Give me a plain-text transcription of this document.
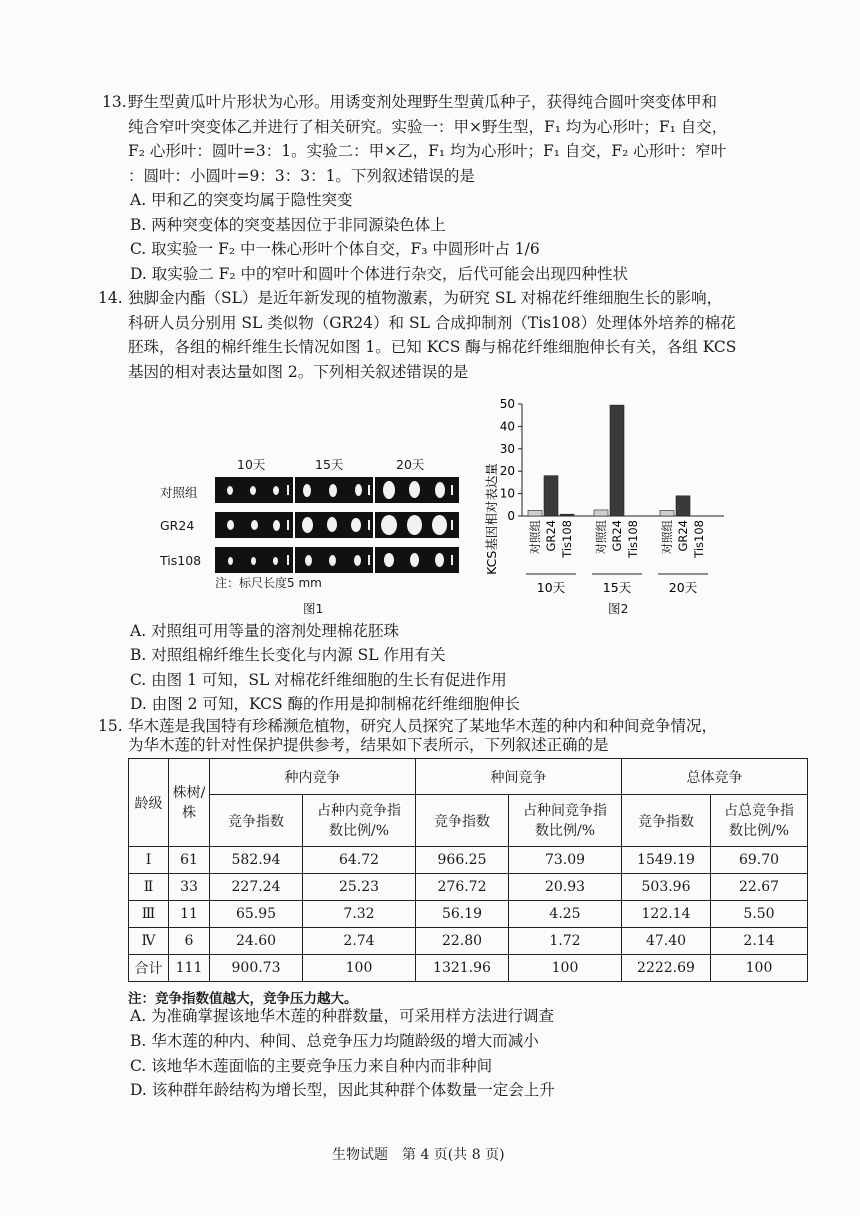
13. 野生型黄瓜叶片形状为心形。用诱变剂处理野生型黄瓜种子，获得纯合圆叶突变体甲和
纯合窄叶突变体乙并进行了相关研究。实验一：甲×野生型，F₁ 均为心形叶；F₁ 自交，
F₂ 心形叶：圆叶=3：1。实验二：甲×乙，F₁ 均为心形叶；F₁ 自交，F₂ 心形叶：窄叶
：圆叶：小圆叶=9：3：3：1。下列叙述错误的是
A. 甲和乙的突变均属于隐性突变
B. 两种突变体的突变基因位于非同源染色体上
C. 取实验一 F₂ 中一株心形叶个体自交，F₃ 中圆形叶占 1/6
D. 取实验二 F₂ 中的窄叶和圆叶个体进行杂交，后代可能会出现四种性状
14. 独脚金内酯（SL）是近年新发现的植物激素，为研究 SL 对棉花纤维细胞生长的影响，
科研人员分别用 SL 类似物（GR24）和 SL 合成抑制剂（Tis108）处理体外培养的棉花
胚珠，各组的棉纤维生长情况如图 1。已知 KCS 酶与棉花纤维细胞伸长有关，各组 KCS
基因的相对表达量如图 2。下列相关叙述错误的是
10天	15天	20天
对照组
GR24
Tis108
注：标尺长度5 mm
图1
KCS基因相对表达量 0
10
20
30
40
50
对照组 GR24 Tis108
10天
对照组 GR24 Tis108
15天
对照组 GR24 Tis108
20天
图2
A. 对照组可用等量的溶剂处理棉花胚珠
B. 对照组棉纤维生长变化与内源 SL 作用有关
C. 由图 1 可知，SL 对棉花纤维细胞的生长有促进作用
D. 由图 2 可知，KCS 酶的作用是抑制棉花纤维细胞伸长
15. 华木莲是我国特有珍稀濒危植物，研究人员探究了某地华木莲的种内和种间竞争情况，
为华木莲的针对性保护提供参考，结果如下表所示，下列叙述正确的是
龄级	株树/株	种内竞争		种间竞争		总体竞争	
		竞争指数	占种内竞争指数比例/%	竞争指数	占种间竞争指数比例/%	竞争指数	占总竞争指数比例/%
Ⅰ	61	582.94	64.72	966.25	73.09	1549.19	69.70
Ⅱ	33	227.24	25.23	276.72	20.93	503.96	22.67
Ⅲ	11	65.95	7.32	56.19	4.25	122.14	5.50
Ⅳ	6	24.60	2.74	22.80	1.72	47.40	2.14
合计	111	900.73	100	1321.96	100	2222.69	100
注：竞争指数值越大，竞争压力越大。
A. 为准确掌握该地华木莲的种群数量，可采用样方法进行调查
B. 华木莲的种内、种间、总竞争压力均随龄级的增大而减小
C. 该地华木莲面临的主要竞争压力来自种内而非种间
D. 该种群年龄结构为增长型，因此其种群个体数量一定会上升
生物试题　第 4 页(共 8 页)
